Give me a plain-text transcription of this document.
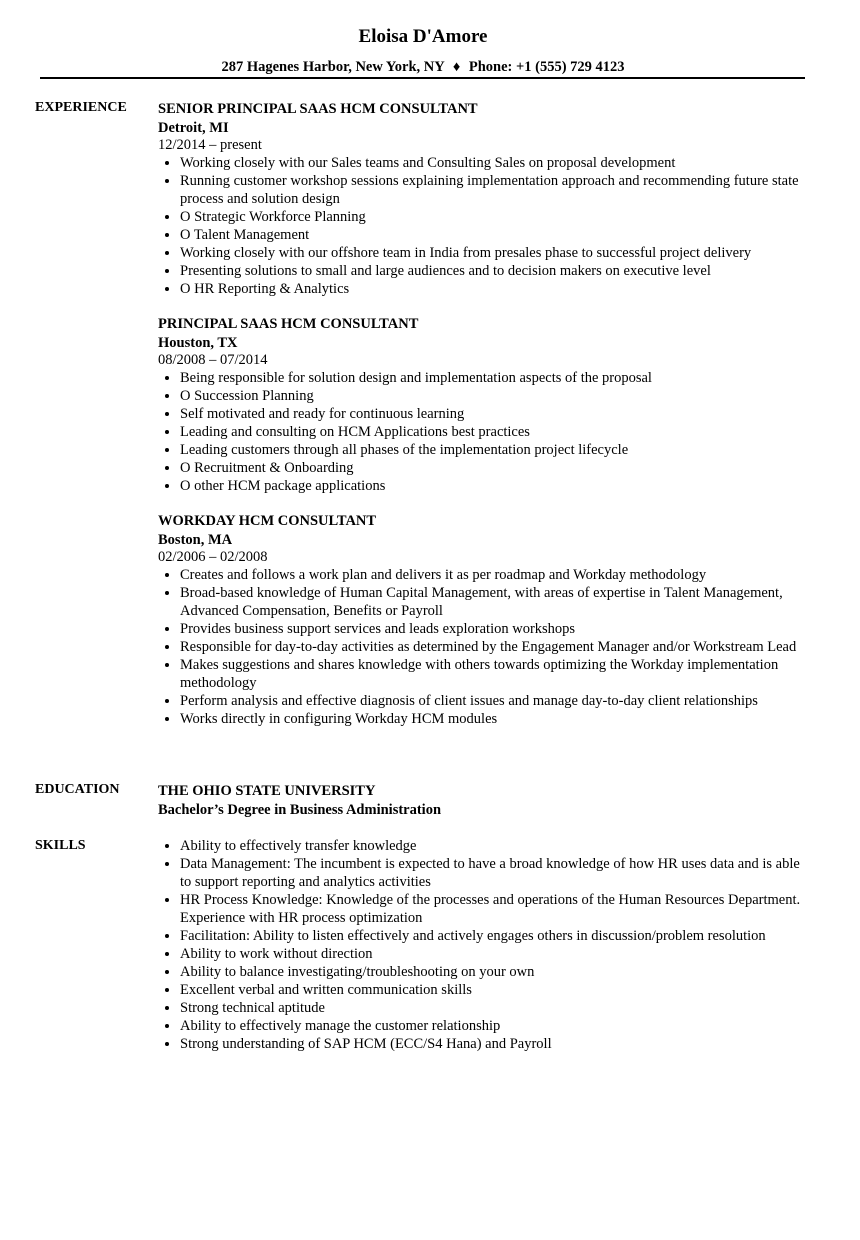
Eloisa D'Amore
287 Hagenes Harbor, New York, NY ♦ Phone: +1 (555) 729 4123
EXPERIENCE SENIOR PRINCIPAL SAAS HCM CONSULTANT
Detroit, MI
12/2014 – present
Working closely with our Sales teams and Consulting Sales on proposal development
Running customer workshop sessions explaining implementation approach and recommending future state process and solution design
O Strategic Workforce Planning
O Talent Management
Working closely with our offshore team in India from presales phase to successful project delivery
Presenting solutions to small and large audiences and to decision makers on executive level
O HR Reporting & Analytics
PRINCIPAL SAAS HCM CONSULTANT
Houston, TX
08/2008 – 07/2014
Being responsible for solution design and implementation aspects of the proposal
O Succession Planning
Self motivated and ready for continuous learning
Leading and consulting on HCM Applications best practices
Leading customers through all phases of the implementation project lifecycle
O Recruitment & Onboarding
O other HCM package applications
WORKDAY HCM CONSULTANT
Boston, MA
02/2006 – 02/2008
Creates and follows a work plan and delivers it as per roadmap and Workday methodology
Broad-based knowledge of Human Capital Management, with areas of expertise in Talent Management, Advanced Compensation, Benefits or Payroll
Provides business support services and leads exploration workshops
Responsible for day-to-day activities as determined by the Engagement Manager and/or Workstream Lead
Makes suggestions and shares knowledge with others towards optimizing the Workday implementation methodology
Perform analysis and effective diagnosis of client issues and manage day-to-day client relationships
Works directly in configuring Workday HCM modules
EDUCATION	THE OHIO STATE UNIVERSITY
Bachelor’s Degree in Business Administration
SKILLS	Ability to effectively transfer knowledge
Data Management: The incumbent is expected to have a broad knowledge of how HR uses data and is able to support reporting and analytics activities
HR Process Knowledge: Knowledge of the processes and operations of the Human Resources Department. Experience with HR process optimization
Facilitation: Ability to listen effectively and actively engages others in discussion/problem resolution
Ability to work without direction
Ability to balance investigating/troubleshooting on your own
Excellent verbal and written communication skills
Strong technical aptitude
Ability to effectively manage the customer relationship
Strong understanding of SAP HCM (ECC/S4 Hana) and Payroll
